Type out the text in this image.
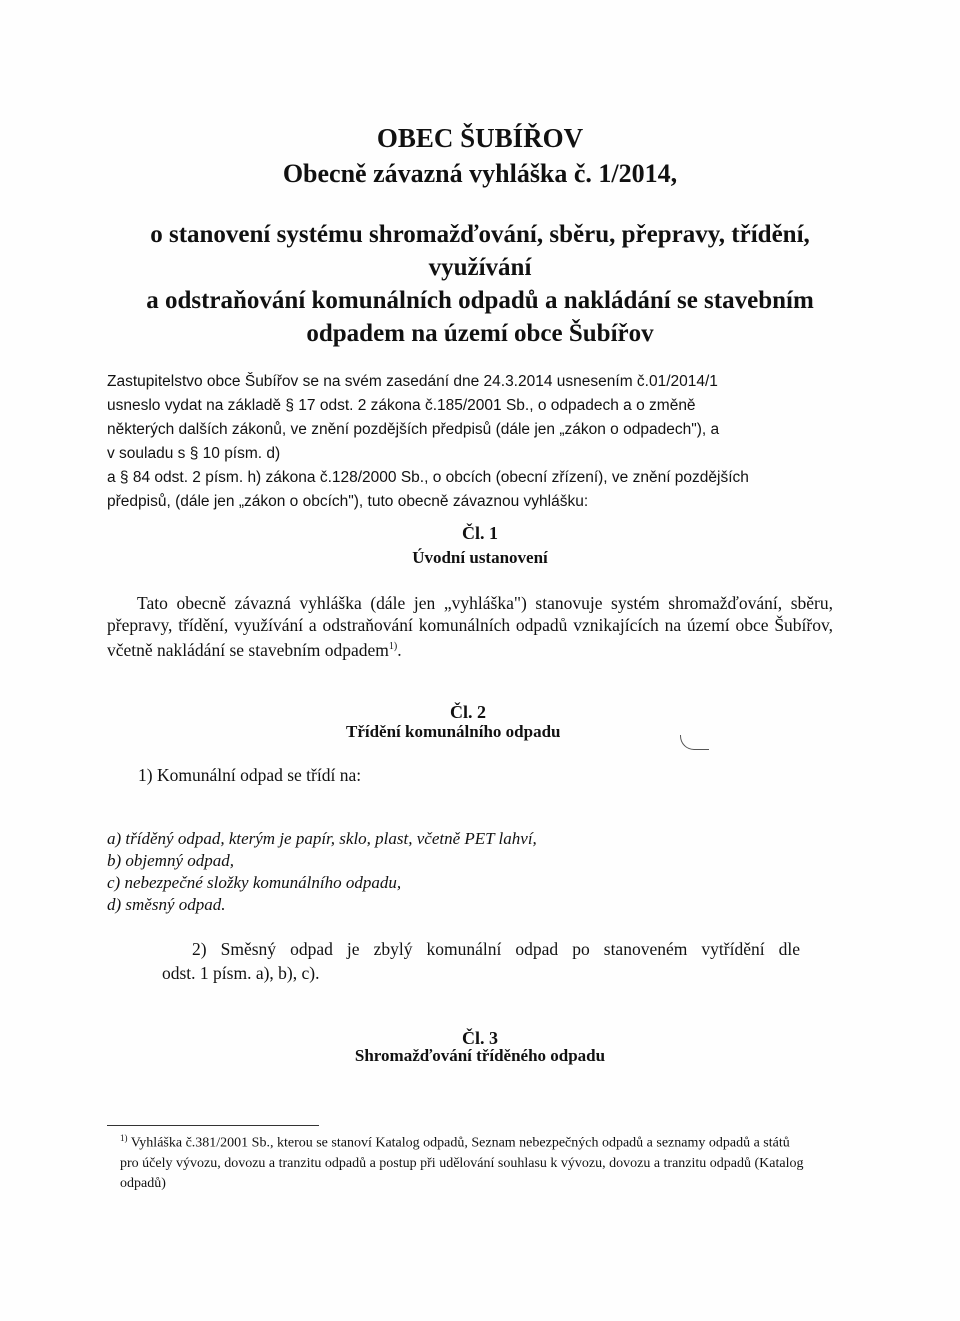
OBEC ŠUBÍŘOV
Obecně závazná vyhláška č. 1/2014,
o stanovení systému shromažďování, sběru, přepravy, třídění,
využívání
a odstraňování komunálních odpadů a nakládání se stavebním
odpadem na území obce Šubířov
Zastupitelstvo obce Šubířov se na svém zasedání dne 24.3.2014 usnesením č.01/2014/1
usneslo vydat na základě § 17 odst. 2 zákona č.185/2001 Sb., o odpadech a o změně
některých dalších zákonů, ve znění pozdějších předpisů (dále jen „zákon o odpadech"), a
v souladu s § 10 písm. d)
a § 84 odst. 2 písm. h) zákona č.128/2000 Sb., o obcích (obecní zřízení), ve znění pozdějších
předpisů, (dále jen „zákon o obcích"), tuto obecně závaznou vyhlášku:
Čl. 1
Úvodní ustanovení
Tato obecně závazná vyhláška (dále jen „vyhláška") stanovuje systém shromažďování, sběru, přepravy, třídění, využívání a odstraňování komunálních odpadů vznikajících na území obce Šubířov, včetně nakládání se stavebním odpadem$^{1)}$.
Čl. 2
Třídění komunálního odpadu
1) Komunální odpad se třídí na:
a) tříděný odpad, kterým je papír, sklo, plast, včetně PET lahví,
b) objemný odpad,
c) nebezpečné složky komunálního odpadu,
d) směsný odpad.
2) Směsný odpad je zbylý komunální odpad po stanoveném vytřídění dle
odst. 1 písm. a), b), c).
Čl. 3
Shromažďování tříděného odpadu
$^{1)}$ Vyhláška č.381/2001 Sb., kterou se stanoví Katalog odpadů, Seznam nebezpečných odpadů a seznamy odpadů a států pro účely vývozu, dovozu a tranzitu odpadů a postup při udělování souhlasu k vývozu, dovozu a tranzitu odpadů (Katalog odpadů)
